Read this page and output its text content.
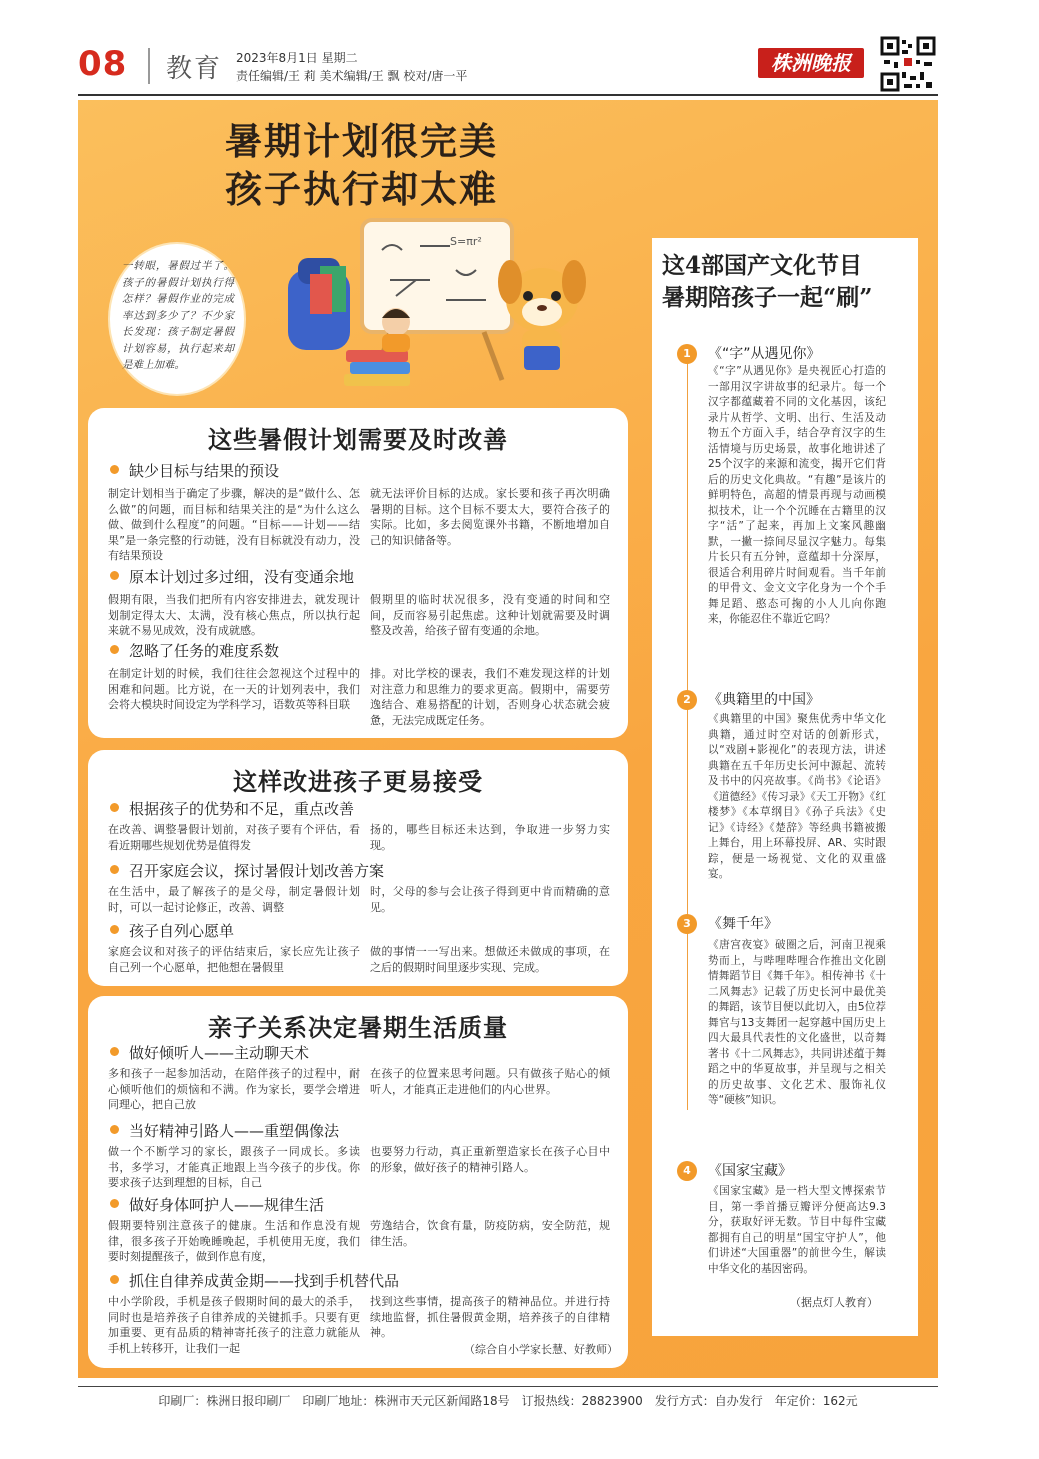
08 教育 2023年8月1日 星期二
责任编辑/王 莉 美术编辑/王 飘 校对/唐一平
株洲晚报
暑期计划很完美
孩子执行却太难
一转眼，暑假过半了。孩子的暑假计划执行得怎样？暑假作业的完成率达到多少了？不少家长发现：孩子制定暑假计划容易，执行起来却是难上加难。
S=πr²
这些暑假计划需要及时改善
缺少目标与结果的预设
制定计划相当于确定了步骤，解决的是“做什么、怎么做”的问题，而目标和结果关注的是“为什么这么做、做到什么程度”的问题。“目标——计划——结果”是一条完整的行动链，没有目标就没有动力，没有结果预设
就无法评价目标的达成。家长要和孩子再次明确暑期的目标。这个目标不要太大，要符合孩子的实际。比如，多去阅览课外书籍，不断地增加自己的知识储备等。
原本计划过多过细，没有变通余地
假期有限，当我们把所有内容安排进去，就发现计划制定得太大、太满，没有核心焦点，所以执行起来就不易见成效，没有成就感。
假期里的临时状况很多，没有变通的时间和空间，反而容易引起焦虑。这种计划就需要及时调整及改善，给孩子留有变通的余地。
忽略了任务的难度系数
在制定计划的时候，我们往往会忽视这个过程中的困难和问题。比方说，在一天的计划列表中，我们会将大模块时间设定为学科学习，语数英等科目联
排。对比学校的课表，我们不难发现这样的计划对注意力和思维力的要求更高。假期中，需要劳逸结合、难易搭配的计划，否则身心状态就会疲惫，无法完成既定任务。
这样改进孩子更易接受
根据孩子的优势和不足，重点改善
在改善、调整暑假计划前，对孩子要有个评估，看看近期哪些规划优势是值得发
扬的，哪些目标还未达到，争取进一步努力实现。
召开家庭会议，探讨暑假计划改善方案
在生活中，最了解孩子的是父母，制定暑假计划时，可以一起讨论修正，改善、调整
时，父母的参与会让孩子得到更中肯而精确的意见。
孩子自列心愿单
家庭会议和对孩子的评估结束后，家长应先让孩子自己列一个心愿单，把他想在暑假里
做的事情一一写出来。想做还未做成的事项，在之后的假期时间里逐步实现、完成。
亲子关系决定暑期生活质量
做好倾听人——主动聊天术
多和孩子一起参加活动，在陪伴孩子的过程中，耐心倾听他们的烦恼和不满。作为家长，要学会增进同理心，把自己放
在孩子的位置来思考问题。只有做孩子贴心的倾听人，才能真正走进他们的内心世界。
当好精神引路人——重塑偶像法
做一个不断学习的家长，跟孩子一同成长。多读书，多学习，才能真正地跟上当今孩子的步伐。你要求孩子达到理想的目标，自己
也要努力行动，真正重新塑造家长在孩子心目中的形象，做好孩子的精神引路人。
做好身体呵护人——规律生活
假期要特别注意孩子的健康。生活和作息没有规律，很多孩子开始晚睡晚起，手机使用无度，我们要时刻提醒孩子，做到作息有度，
劳逸结合，饮食有量，防疫防病，安全防范，规律生活。
抓住自律养成黄金期——找到手机替代品
中小学阶段，手机是孩子假期时间的最大的杀手，同时也是培养孩子自律养成的关键抓手。只要有更加重要、更有品质的精神寄托孩子的注意力就能从手机上转移开，让我们一起
找到这些事情，提高孩子的精神品位。并进行持续地监督，抓住暑假黄金期，培养孩子的自律精神。
（综合自小学家长慧、好教师）
这4部国产文化节目
暑期陪孩子一起“刷”
1	《“字”从遇见你》
《“字”从遇见你》是央视匠心打造的一部用汉字讲故事的纪录片。每一个汉字都蕴藏着不同的文化基因，该纪录片从哲学、文明、出行、生活及动物五个方面入手，结合孕育汉字的生活情境与历史场景，故事化地讲述了25个汉字的来源和流变，揭开它们背后的历史文化典故。“有趣”是该片的鲜明特色，高超的情景再现与动画模拟技术，让一个个沉睡在古籍里的汉字“活”了起来，再加上文案风趣幽默，一撇一捺间尽显汉字魅力。每集片长只有五分钟，意蕴却十分深厚，很适合利用碎片时间观看。当千年前的甲骨文、金文文字化身为一个个手舞足蹈、憨态可掬的小人儿向你跑来，你能忍住不靠近它吗？
2	《典籍里的中国》
《典籍里的中国》聚焦优秀中华文化典籍，通过时空对话的创新形式，以“戏剧+影视化”的表现方法，讲述典籍在五千年历史长河中源起、流转及书中的闪亮故事。《尚书》《论语》《道德经》《传习录》《天工开物》《红楼梦》《本草纲目》《孙子兵法》《史记》《诗经》《楚辞》等经典书籍被搬上舞台，用上环幕投屏、AR、实时跟踪，便是一场视觉、文化的双重盛宴。
3	《舞千年》
《唐宫夜宴》破圈之后，河南卫视乘势而上，与哔哩哔哩合作推出文化剧情舞蹈节目《舞千年》。相传神书《十二风舞志》记载了历史长河中最优美的舞蹈，该节目便以此切入，由5位荐舞官与13支舞团一起穿越中国历史上四大最具代表性的文化盛世，以奇舞著书《十二风舞志》，共同讲述蕴于舞蹈之中的华夏故事，并呈现与之相关的历史故事、文化艺术、服饰礼仪等“硬核”知识。
4	《国家宝藏》
《国家宝藏》是一档大型文博探索节目，第一季首播豆瓣评分便高达9.3分，获取好评无数。节目中每件宝藏都拥有自己的明星“国宝守护人”，他们讲述“大国重器”的前世今生，解读中华文化的基因密码。
（据点灯人教育）
印刷厂：株洲日报印刷厂　印刷厂地址：株洲市天元区新闻路18号　订报热线：28823900　发行方式：自办发行　年定价：162元
